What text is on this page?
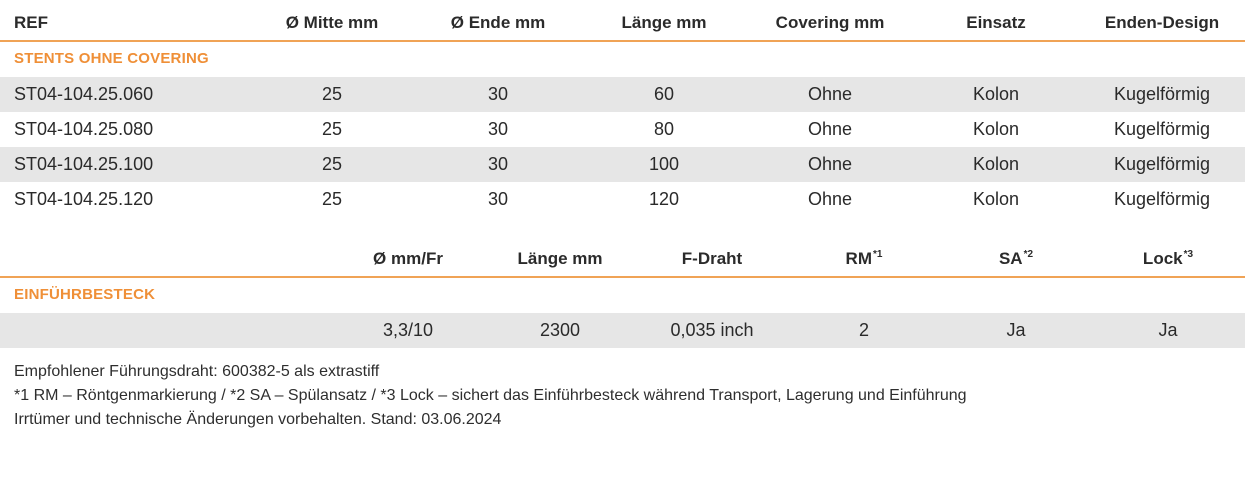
REF	Ø Mitte mm	Ø Ende mm	Länge mm	Covering mm	Einsatz	Enden-Design
STENTS OHNE COVERING
ST04-104.25.060	25	30	60	Ohne	Kolon	Kugelförmig
ST04-104.25.080	25	30	80	Ohne	Kolon	Kugelförmig
ST04-104.25.100	25	30	100	Ohne	Kolon	Kugelförmig
ST04-104.25.120	25	30	120	Ohne	Kolon	Kugelförmig
Ø mm/Fr	Länge mm	F-Draht	RM$^{*1}$	SA$^{*2}$	Lock$^{*3}$
EINFÜHRBESTECK
3,3/10	2300	0,035 inch	2	Ja	Ja
Empfohlener Führungsdraht: 600382-5 als extrastiff
*1 RM – Röntgenmarkierung / *2 SA – Spülansatz / *3 Lock – sichert das Einführbesteck während Transport, Lagerung und Einführung
Irrtümer und technische Änderungen vorbehalten. Stand: 03.06.2024
